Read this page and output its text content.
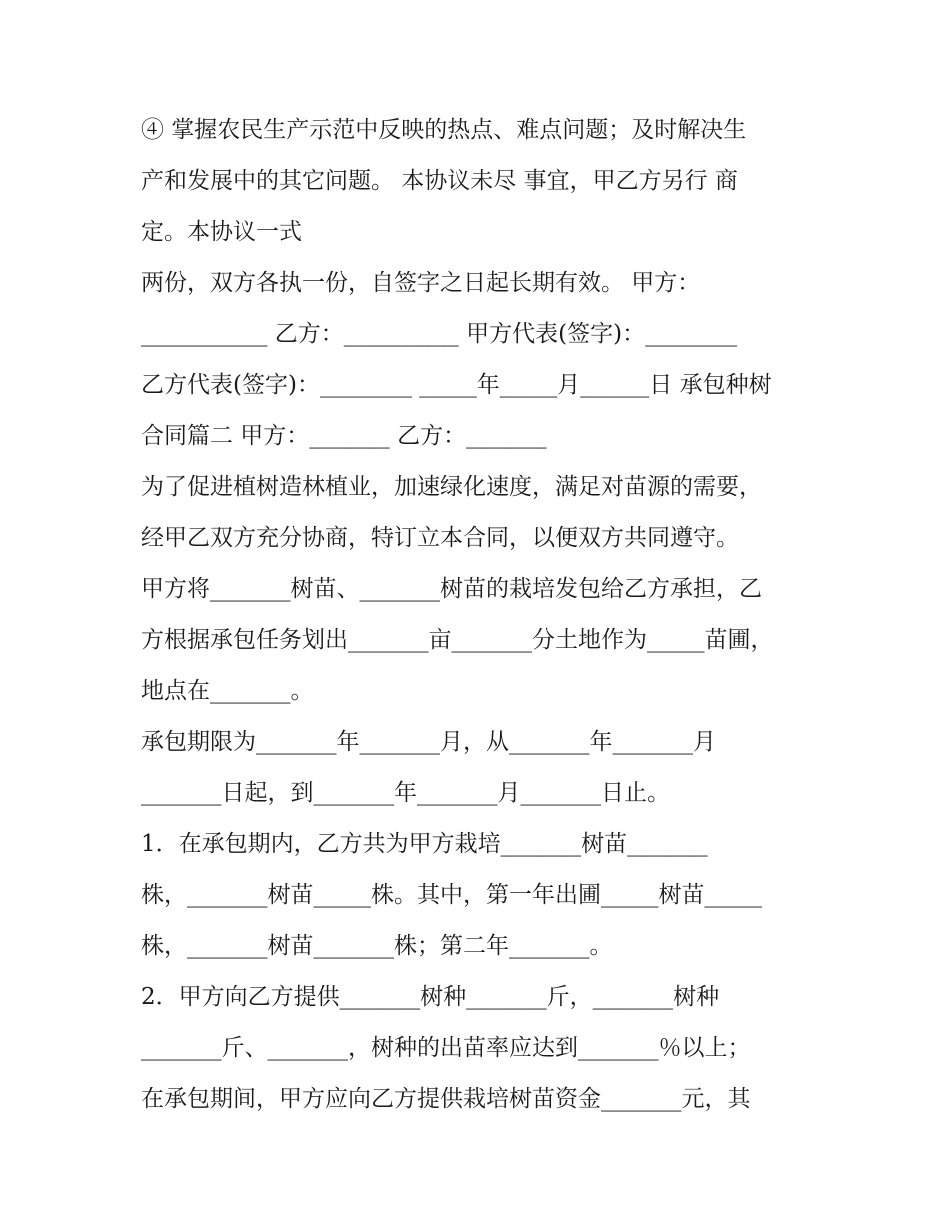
④ 掌握农民生产示范中反映的热点、难点问题；及时解决生
产和发展中的其它问题。 本协议未尽 事宜，甲乙方另行 商
定。本协议一式
两份，双方各执一份，自签字之日起长期有效。 甲方：
___________ 乙方：__________ 甲方代表(签字)：________
乙方代表(签字)：________ _____年_____月______日 承包种树
合同篇二 甲方：_______ 乙方：_______
为了促进植树造林植业，加速绿化速度，满足对苗源的需要，
经甲乙双方充分协商，特订立本合同，以便双方共同遵守。
甲方将_______树苗、_______树苗的栽培发包给乙方承担，乙
方根据承包任务划出_______亩_______分土地作为_____苗圃，
地点在_______。
承包期限为_______年_______月，从_______年_______月
_______日起，到_______年_______月_______日止。
1．在承包期内，乙方共为甲方栽培_______树苗_______
株，_______树苗_____株。其中，第一年出圃_____树苗_____
株，_______树苗_______株；第二年_______。
2．甲方向乙方提供_______树种_______斤，_______树种
_______斤、_______，树种的出苗率应达到_______％以上；
在承包期间，甲方应向乙方提供栽培树苗资金_______元，其
